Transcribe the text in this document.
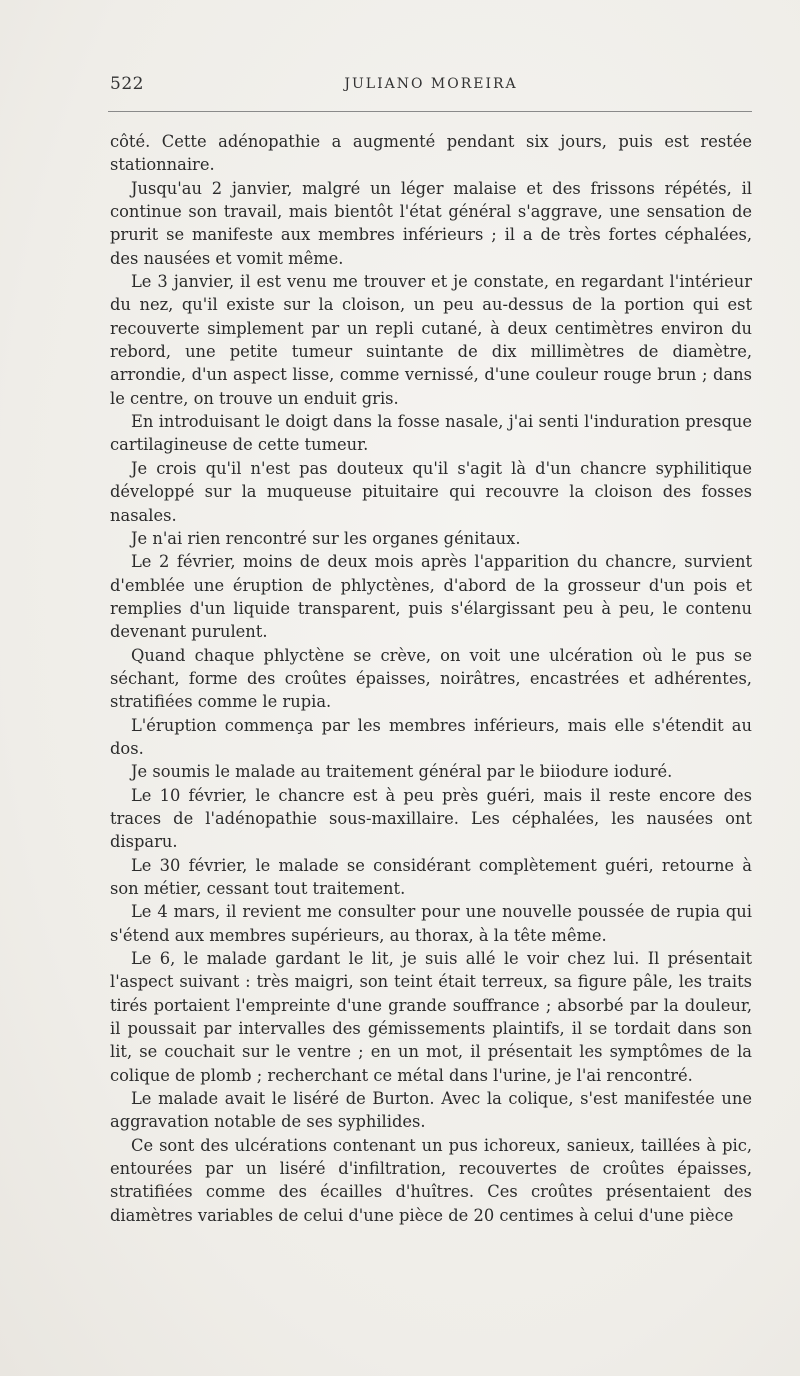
522	JULIANO MOREIRA

côté. Cette adénopathie a augmenté pendant six jours, puis est restée stationnaire.

Jusqu'au 2 janvier, malgré un léger malaise et des frissons répétés, il continue son travail, mais bientôt l'état général s'aggrave, une sensation de prurit se manifeste aux membres inférieurs ; il a de très fortes céphalées, des nausées et vomit même.

Le 3 janvier, il est venu me trouver et je constate, en regardant l'intérieur du nez, qu'il existe sur la cloison, un peu au-dessus de la portion qui est recouverte simplement par un repli cutané, à deux centimètres environ du rebord, une petite tumeur suintante de dix millimètres de diamètre, arrondie, d'un aspect lisse, comme vernissé, d'une couleur rouge brun ; dans le centre, on trouve un enduit gris.

En introduisant le doigt dans la fosse nasale, j'ai senti l'induration presque cartilagineuse de cette tumeur.

Je crois qu'il n'est pas douteux qu'il s'agit là d'un chancre syphilitique développé sur la muqueuse pituitaire qui recouvre la cloison des fosses nasales.

Je n'ai rien rencontré sur les organes génitaux.

Le 2 février, moins de deux mois après l'apparition du chancre, survient d'emblée une éruption de phlyctènes, d'abord de la grosseur d'un pois et remplies d'un liquide transparent, puis s'élargissant peu à peu, le contenu devenant purulent.

Quand chaque phlyctène se crève, on voit une ulcération où le pus se séchant, forme des croûtes épaisses, noirâtres, encastrées et adhérentes, stratifiées comme le rupia.

L'éruption commença par les membres inférieurs, mais elle s'étendit au dos.

Je soumis le malade au traitement général par le biiodure ioduré.

Le 10 février, le chancre est à peu près guéri, mais il reste encore des traces de l'adénopathie sous-maxillaire. Les céphalées, les nausées ont disparu.

Le 30 février, le malade se considérant complètement guéri, retourne à son métier, cessant tout traitement.

Le 4 mars, il revient me consulter pour une nouvelle poussée de rupia qui s'étend aux membres supérieurs, au thorax, à la tête même.

Le 6, le malade gardant le lit, je suis allé le voir chez lui. Il présentait l'aspect suivant : très maigri, son teint était terreux, sa figure pâle, les traits tirés portaient l'empreinte d'une grande souffrance ; absorbé par la douleur, il poussait par intervalles des gémissements plaintifs, il se tordait dans son lit, se couchait sur le ventre ; en un mot, il présentait les symptômes de la colique de plomb ; recherchant ce métal dans l'urine, je l'ai rencontré.

Le malade avait le liséré de Burton. Avec la colique, s'est manifestée une aggravation notable de ses syphilides.

Ce sont des ulcérations contenant un pus ichoreux, sanieux, taillées à pic, entourées par un liséré d'infiltration, recouvertes de croûtes épaisses, stratifiées comme des écailles d'huîtres. Ces croûtes présentaient des diamètres variables de celui d'une pièce de 20 centimes à celui d'une pièce
